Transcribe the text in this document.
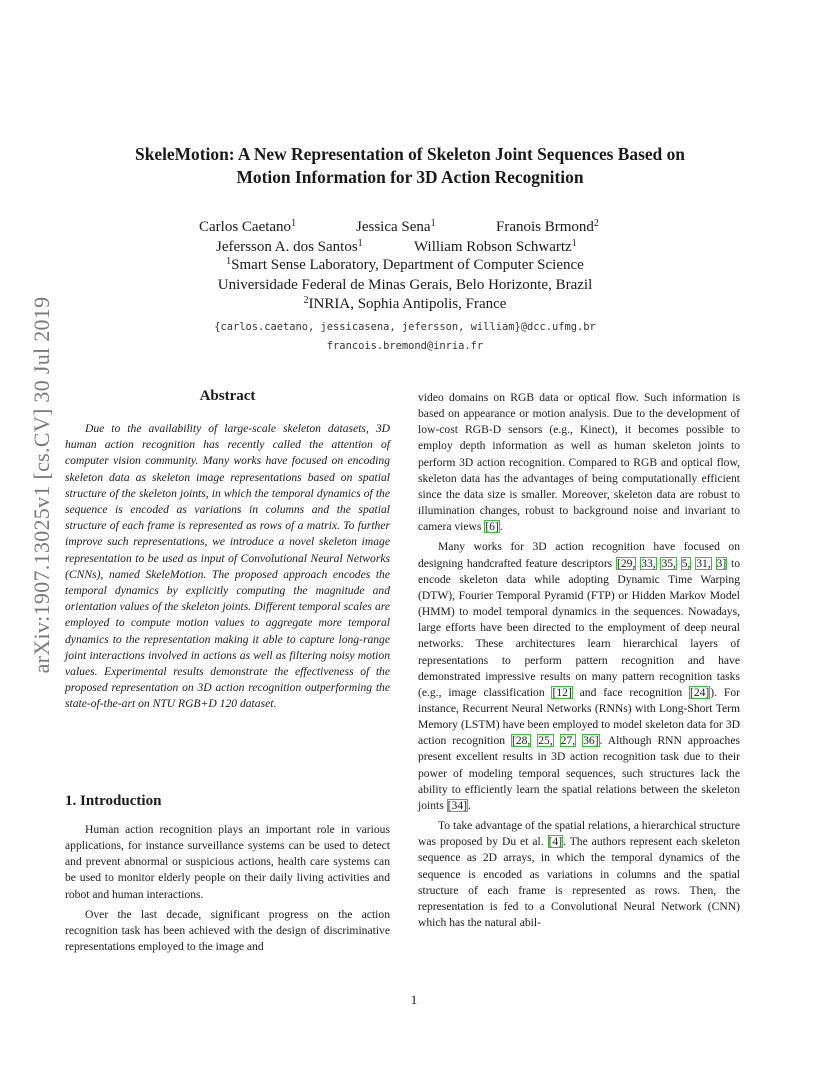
arXiv:1907.13025v1 [cs.CV] 30 Jul 2019
SkeleMotion: A New Representation of Skeleton Joint Sequences Based on
Motion Information for 3D Action Recognition
Carlos Caetano$^1$	Jessica Sena$^1$	Franois Brmond$^2$
Jefersson A. dos Santos$^1$	William Robson Schwartz$^1$
$^1$Smart Sense Laboratory, Department of Computer Science
Universidade Federal de Minas Gerais, Belo Horizonte, Brazil
$^2$INRIA, Sophia Antipolis, France
{carlos.caetano, jessicasena, jefersson, william}@dcc.ufmg.br
francois.bremond@inria.fr
Abstract

Due to the availability of large-scale skeleton datasets, 3D human action recognition has recently called the attention of computer vision community. Many works have focused on encoding skeleton data as skeleton image representations based on spatial structure of the skeleton joints, in which the temporal dynamics of the sequence is encoded as variations in columns and the spatial structure of each frame is represented as rows of a matrix. To further improve such representations, we introduce a novel skeleton image representation to be used as input of Convolutional Neural Networks (CNNs), named SkeleMotion. The proposed approach encodes the temporal dynamics by explicitly computing the magnitude and orientation values of the skeleton joints. Different temporal scales are employed to compute motion values to aggregate more temporal dynamics to the representation making it able to capture long-range joint interactions involved in actions as well as filtering noisy motion values. Experimental results demonstrate the effectiveness of the proposed representation on 3D action recognition outperforming the state-of-the-art on NTU RGB+D 120 dataset.

1. Introduction

Human action recognition plays an important role in various applications, for instance surveillance systems can be used to detect and prevent abnormal or suspicious actions, health care systems can be used to monitor elderly people on their daily living activities and robot and human interactions.

Over the last decade, significant progress on the action recognition task has been achieved with the design of discriminative representations employed to the image and

video domains on RGB data or optical flow. Such information is based on appearance or motion analysis. Due to the development of low-cost RGB-D sensors (e.g., Kinect), it becomes possible to employ depth information as well as human skeleton joints to perform 3D action recognition. Compared to RGB and optical flow, skeleton data has the advantages of being computationally efficient since the data size is smaller. Moreover, skeleton data are robust to illumination changes, robust to background noise and invariant to camera views [6].

Many works for 3D action recognition have focused on designing handcrafted feature descriptors [29, 33, 35, 5, 31, 3] to encode skeleton data while adopting Dynamic Time Warping (DTW), Fourier Temporal Pyramid (FTP) or Hidden Markov Model (HMM) to model temporal dynamics in the sequences. Nowadays, large efforts have been directed to the employment of deep neural networks. These architectures learn hierarchical layers of representations to perform pattern recognition and have demonstrated impressive results on many pattern recognition tasks (e.g., image classification [12] and face recognition [24]). For instance, Recurrent Neural Networks (RNNs) with Long-Short Term Memory (LSTM) have been employed to model skeleton data for 3D action recognition [28, 25, 27, 36]. Although RNN approaches present excellent results in 3D action recognition task due to their power of modeling temporal sequences, such structures lack the ability to efficiently learn the spatial relations between the skeleton joints [34].

To take advantage of the spatial relations, a hierarchical structure was proposed by Du et al. [4]. The authors represent each skeleton sequence as 2D arrays, in which the temporal dynamics of the sequence is encoded as variations in columns and the spatial structure of each frame is represented as rows. Then, the representation is fed to a Convolutional Neural Network (CNN) which has the natural abil-

1
